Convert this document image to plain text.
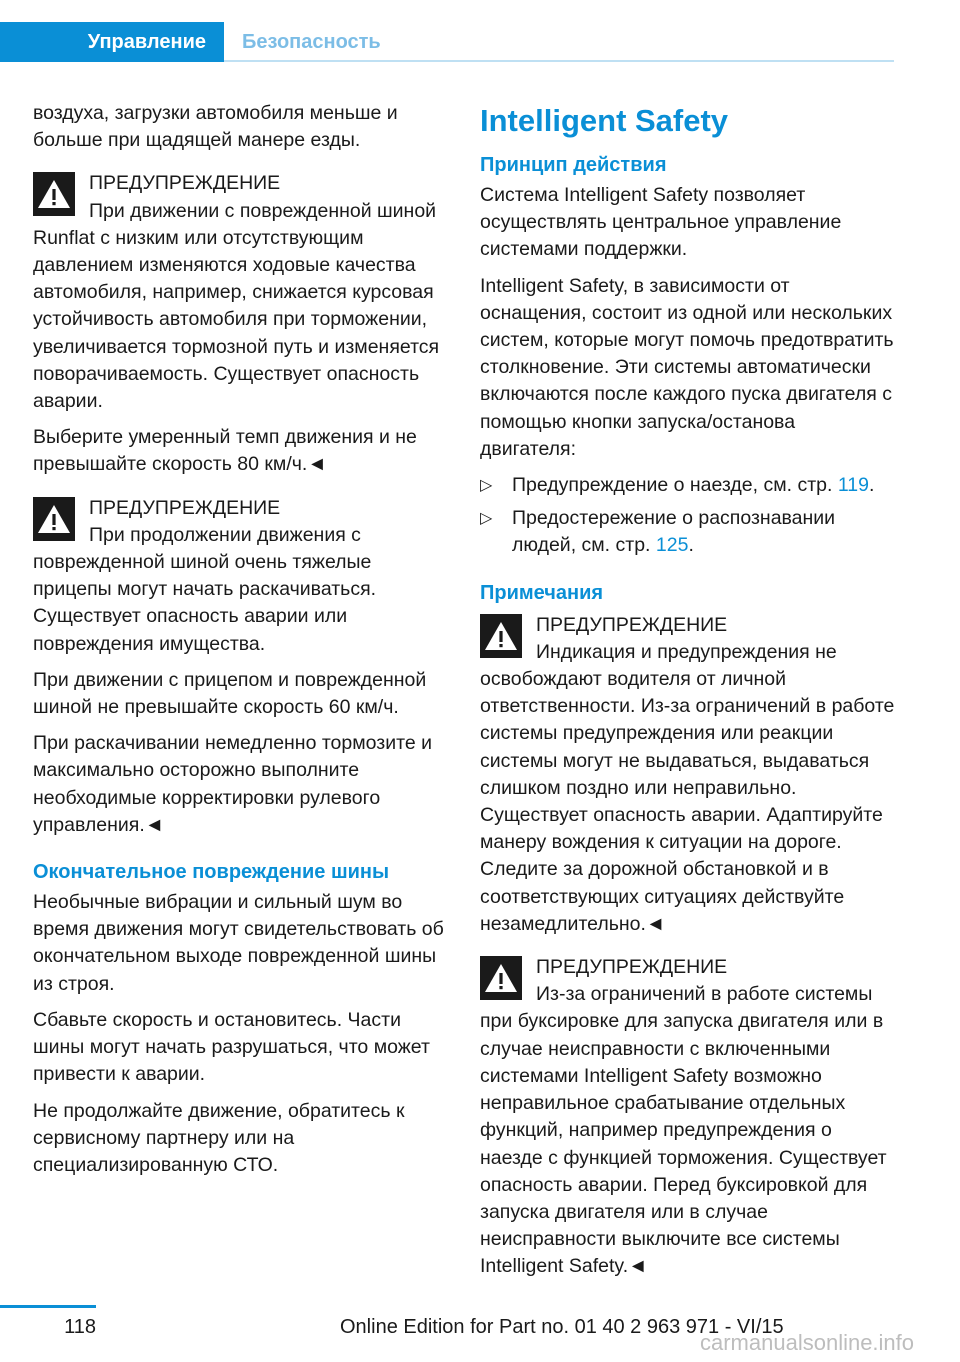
Управление	Безопасность

воздуха, загрузки автомобиля меньше и больше при щадящей манере езды.

ПРЕДУПРЕЖДЕНИЕ
При движении с поврежденной шиной Runflat с низким или отсутствующим давлением изменяются ходовые качества автомобиля, например, снижается курсовая устойчивость автомобиля при торможении, увеличивается тормозной путь и изменяется поворачиваемость. Существует опасность аварии.

Выберите умеренный темп движения и не превышайте скорость 80 км/ч.◄

ПРЕДУПРЕЖДЕНИЕ
При продолжении движения с поврежденной шиной очень тяжелые прицепы могут начать раскачиваться. Существует опасность аварии или повреждения имущества.

При движении с прицепом и поврежденной шиной не превышайте скорость 60 км/ч.

При раскачивании немедленно тормозите и максимально осторожно выполните необходимые корректировки рулевого управления.◄

Окончательное повреждение шины

Необычные вибрации и сильный шум во время движения могут свидетельствовать об окончательном выходе поврежденной шины из строя.

Сбавьте скорость и остановитесь. Части шины могут начать разрушаться, что может привести к аварии.

Не продолжайте движение, обратитесь к сервисному партнеру или на специализированную СТО.

Intelligent Safety
Принцип действия

Система Intelligent Safety позволяет осуществлять центральное управление системами поддержки.

Intelligent Safety, в зависимости от оснащения, состоит из одной или нескольких систем, которые могут помочь предотвратить столкновение. Эти системы автоматически включаются после каждого пуска двигателя с помощью кнопки запуска/останова двигателя:

▷	Предупреждение о наезде, см. стр. 119.
▷	Предостережение о распознавании людей, см. стр. 125.
Примечания
ПРЕДУПРЕЖДЕНИЕ
Индикация и предупреждения не освобождают водителя от личной ответственности. Из-за ограничений в работе системы предупреждения или реакции системы могут не выдаваться, выдаваться слишком поздно или неправильно. Существует опасность аварии. Адаптируйте манеру вождения к ситуации на дороге. Следите за дорожной обстановкой и в соответствующих ситуациях действуйте незамедлительно.◄
ПРЕДУПРЕЖДЕНИЕ
Из-за ограничений в работе системы при буксировке для запуска двигателя или в случае неисправности с включенными системами Intelligent Safety возможно неправильное срабатывание отдельных функций, например предупреждения о наезде с функцией торможения. Существует опасность аварии. Перед буксировкой для запуска двигателя или в случае неисправности выключите все системы Intelligent Safety.◄
118	Online Edition for Part no. 01 40 2 963 971 - VI/15
carmanualsonline.info
